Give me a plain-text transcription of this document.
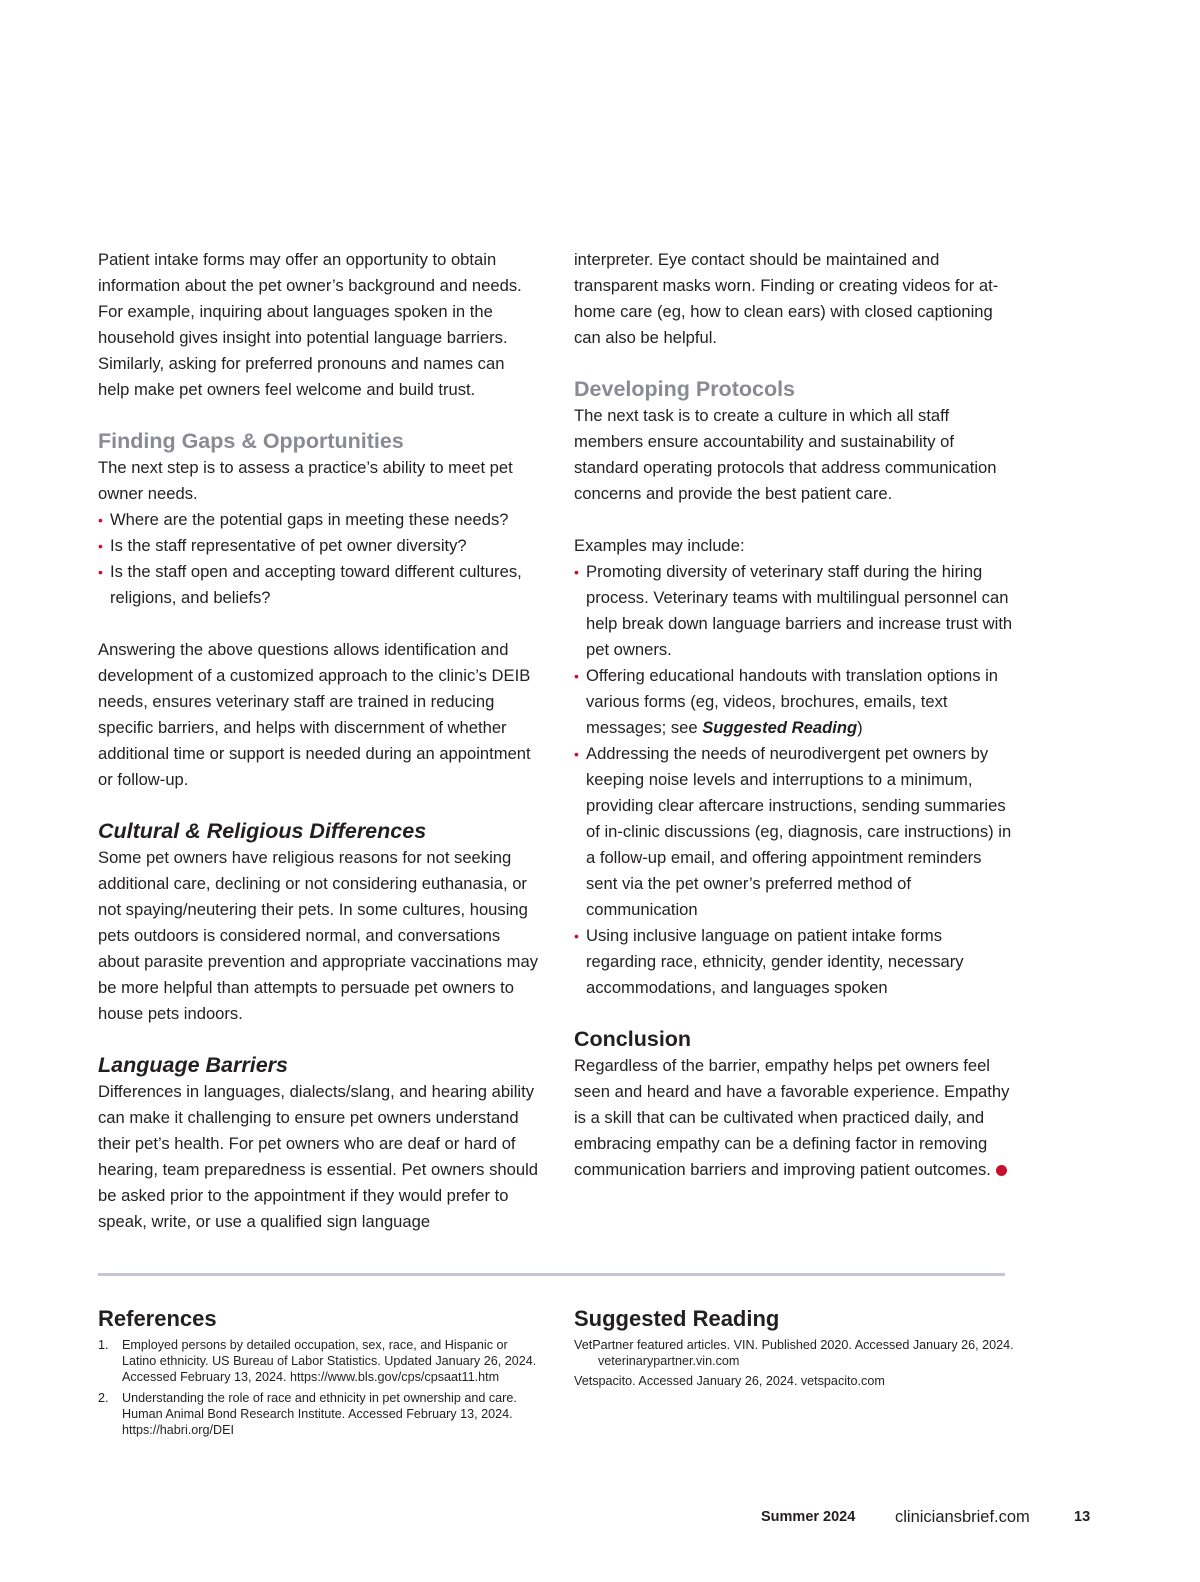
Patient intake forms may offer an opportunity to obtain information about the pet owner’s background and needs. For example, inquiring about languages spoken in the household gives insight into potential language barriers. Similarly, asking for preferred pronouns and names can help make pet owners feel welcome and build trust.

Finding Gaps & Opportunities

The next step is to assess a practice’s ability to meet pet owner needs.

• Where are the potential gaps in meeting these needs?
• Is the staff representative of pet owner diversity?
• Is the staff open and accepting toward different cultures, religions, and beliefs?

Answering the above questions allows identification and development of a customized approach to the clinic’s DEIB needs, ensures veterinary staff are trained in reducing specific barriers, and helps with discernment of whether additional time or support is needed during an appointment or follow-up.

Cultural & Religious Differences

Some pet owners have religious reasons for not seeking additional care, declining or not considering euthanasia, or not spaying/neutering their pets. In some cultures, housing pets outdoors is considered normal, and conversations about parasite prevention and appropriate vaccinations may be more helpful than attempts to persuade pet owners to house pets indoors.

Language Barriers

Differences in languages, dialects/slang, and hearing ability can make it challenging to ensure pet owners understand their pet’s health. For pet owners who are deaf or hard of hearing, team preparedness is essential. Pet owners should be asked prior to the appointment if they would prefer to speak, write, or use a qualified sign language

interpreter. Eye contact should be maintained and transparent masks worn. Finding or creating videos for at-home care (eg, how to clean ears) with closed captioning can also be helpful.

Developing Protocols

The next task is to create a culture in which all staff members ensure accountability and sustainability of standard operating protocols that address communication concerns and provide the best patient care.

Examples may include:

• Promoting diversity of veterinary staff during the hiring process. Veterinary teams with multilingual personnel can help break down language barriers and increase trust with pet owners.
• Offering educational handouts with translation options in various forms (eg, videos, brochures, emails, text messages; see Suggested Reading)
• Addressing the needs of neurodivergent pet owners by keeping noise levels and interruptions to a minimum, providing clear aftercare instructions, sending summaries of in-clinic discussions (eg, diagnosis, care instructions) in a follow-up email, and offering appointment reminders sent via the pet owner’s preferred method of communication
• Using inclusive language on patient intake forms regarding race, ethnicity, gender identity, necessary accommodations, and languages spoken
Conclusion

Regardless of the barrier, empathy helps pet owners feel seen and heard and have a favorable experience. Empathy is a skill that can be cultivated when practiced daily, and embracing empathy can be a defining factor in removing communication barriers and improving patient outcomes.

References
1. Employed persons by detailed occupation, sex, race, and Hispanic or Latino ethnicity. US Bureau of Labor Statistics. Updated January 26, 2024. Accessed February 13, 2024. https://www.bls.gov/cps/cpsaat11.htm
2. Understanding the role of race and ethnicity in pet ownership and care. Human Animal Bond Research Institute. Accessed February 13, 2024. https://habri.org/DEI
Suggested Reading
VetPartner featured articles. VIN. Published 2020. Accessed January 26, 2024. veterinarypartner.vin.com
Vetspacito. Accessed January 26, 2024. vetspacito.com
Summer 2024 cliniciansbrief.com	13
